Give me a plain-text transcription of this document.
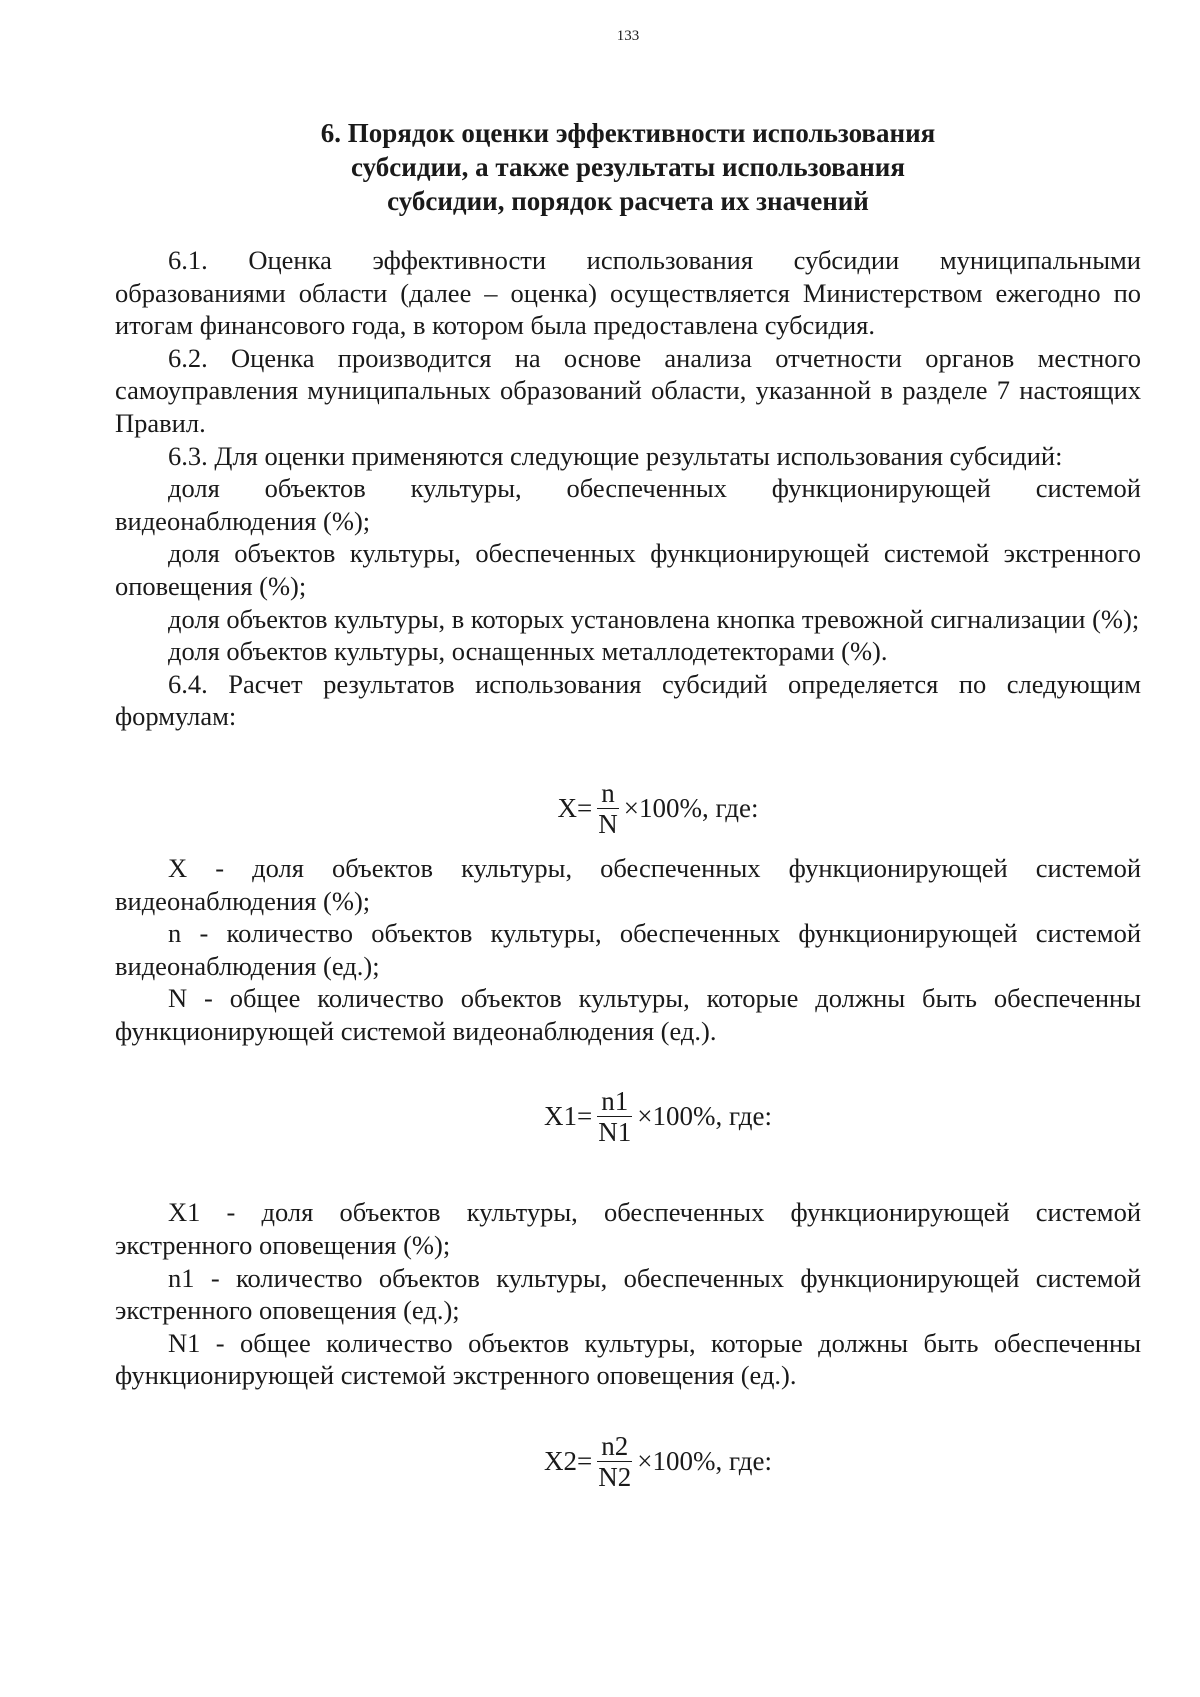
133
6. Порядок оценки эффективности использования
субсидии, а также результаты использования
субсидии, порядок расчета их значений

6.1. Оценка эффективности использования субсидии муниципальными образованиями области (далее – оценка) осуществляется Министерством ежегодно по итогам финансового года, в котором была предоставлена субсидия.

6.2. Оценка производится на основе анализа отчетности органов местного самоуправления муниципальных образований области, указанной в разделе 7 настоящих Правил.

6.3. Для оценки применяются следующие результаты использования субсидий:

доля объектов культуры, обеспеченных функционирующей системой видеонаблюдения (%);

доля объектов культуры, обеспеченных функционирующей системой экстренного оповещения (%);

доля объектов культуры, в которых установлена кнопка тревожной сигнализации (%);

доля объектов культуры, оснащенных металлодетекторами (%).

6.4. Расчет результатов использования субсидий определяется по следующим формулам:

$X= \frac{n}{N} \times 100\%$, где:

X - доля объектов культуры, обеспеченных функционирующей системой видеонаблюдения (%);

n - количество объектов культуры, обеспеченных функционирующей системой видеонаблюдения (ед.);

N - общее количество объектов культуры, которые должны быть обеспеченны функционирующей системой видеонаблюдения (ед.).

$X1= \frac{n1}{N1} \times 100\%$, где:

X1 - доля объектов культуры, обеспеченных функционирующей системой экстренного оповещения (%);

n1 - количество объектов культуры, обеспеченных функционирующей системой экстренного оповещения (ед.);

N1 - общее количество объектов культуры, которые должны быть обеспеченны функционирующей системой экстренного оповещения (ед.).

$X2= \frac{n2}{N2} \times 100\%$, где:
